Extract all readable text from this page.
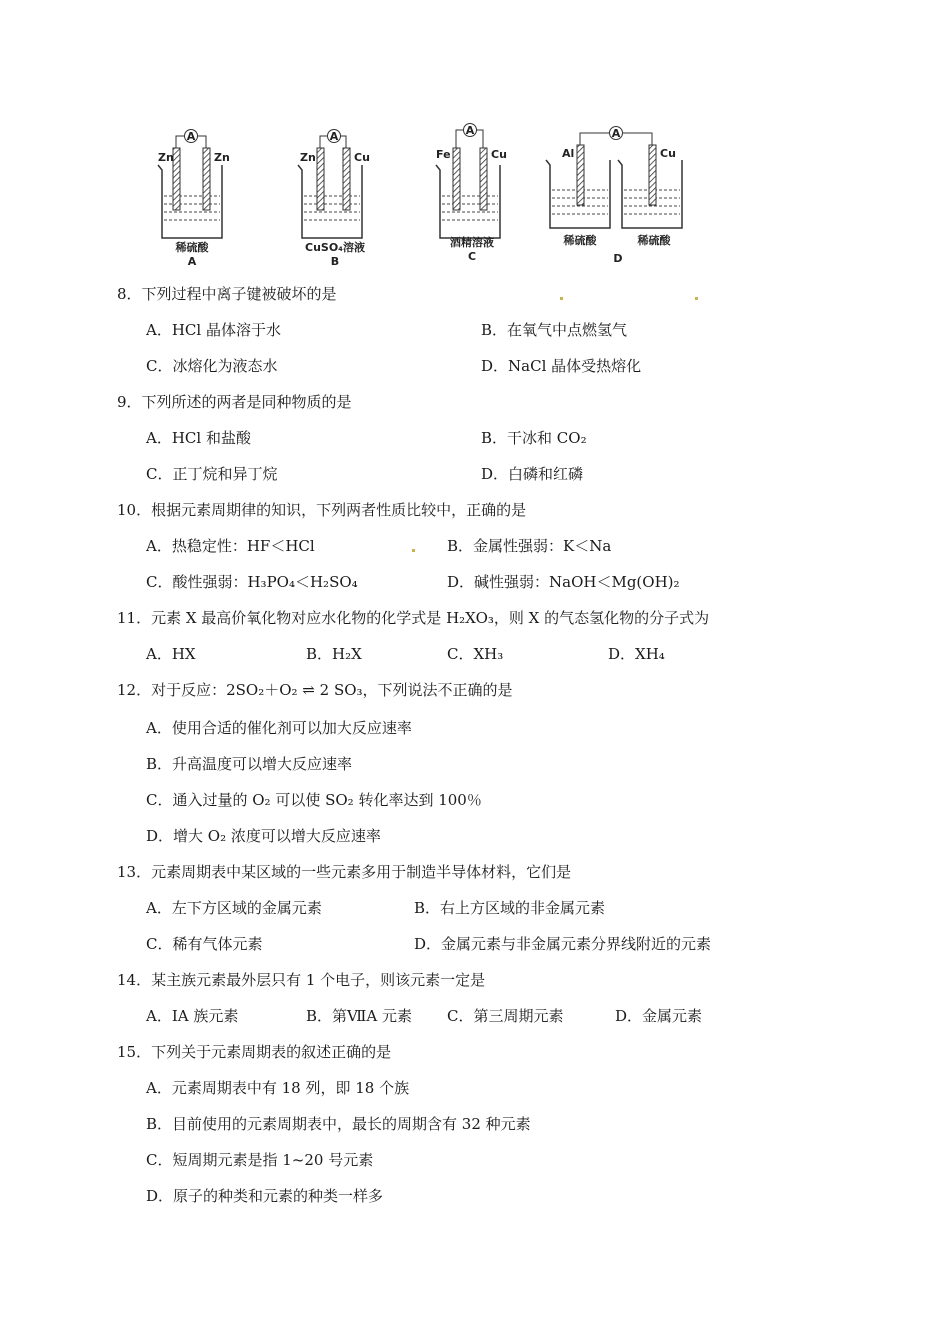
A
Zn	Zn
稀硫酸
A
A
Zn	Cu
CuSO₄溶液
B
A
Fe	Cu
酒精溶液
C
A
Al	Cu
稀硫酸	稀硫酸
D
8．下列过程中离子键被破坏的是
A．HCl 晶体溶于水	B．在氧气中点燃氢气
C．冰熔化为液态水	D．NaCl 晶体受热熔化
9．下列所述的两者是同种物质的是
A．HCl 和盐酸	B．干冰和 CO₂
C．正丁烷和异丁烷	D．白磷和红磷
10．根据元素周期律的知识，下列两者性质比较中，正确的是
A．热稳定性：HF＜HCl	B．金属性强弱：K＜Na
C．酸性强弱：H₃PO₄＜H₂SO₄	D．碱性强弱：NaOH＜Mg(OH)₂
11．元素 X 最高价氧化物对应水化物的化学式是 H₂XO₃，则 X 的气态氢化物的分子式为
A．HX	B．H₂X	C．XH₃	D．XH₄
12．对于反应：2SO₂＋O₂ ⇌ 2 SO₃，下列说法不正确的是
A．使用合适的催化剂可以加大反应速率
B．升高温度可以增大反应速率
C．通入过量的 O₂ 可以使 SO₂ 转化率达到 100％
D．增大 O₂ 浓度可以增大反应速率
13．元素周期表中某区域的一些元素多用于制造半导体材料，它们是
A．左下方区域的金属元素	B．右上方区域的非金属元素
C．稀有气体元素	D．金属元素与非金属元素分界线附近的元素
14．某主族元素最外层只有 1 个电子，则该元素一定是
A．ⅠA 族元素	B．第ⅦA 元素 C．第三周期元素	D．金属元素
15．下列关于元素周期表的叙述正确的是
A．元素周期表中有 18 列，即 18 个族
B．目前使用的元素周期表中，最长的周期含有 32 种元素
C．短周期元素是指 1~20 号元素
D．原子的种类和元素的种类一样多
